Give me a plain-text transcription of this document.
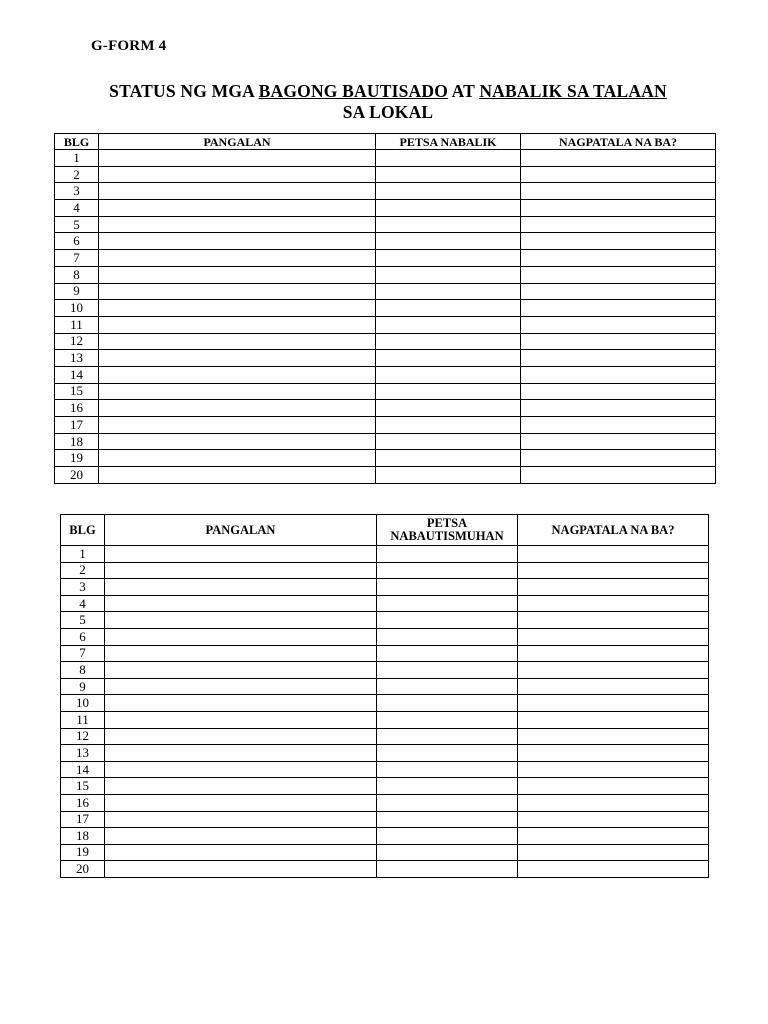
G-FORM 4
STATUS NG MGA BAGONG BAUTISADO AT NABALIK SA TALAAN
SA LOKAL
BLG	PANGALAN	PETSA NABALIK	NAGPATALA NA BA?
1			
2			
3			
4			
5			
6			
7			
8			
9			
10			
11			
12			
13			
14			
15			
16			
17			
18			
19			
20			
BLG	PANGALAN	PETSA
NABAUTISMUHAN	NAGPATALA NA BA?
1			
2			
3			
4			
5			
6			
7			
8			
9			
10			
11			
12			
13			
14			
15			
16			
17			
18			
19			
20			
